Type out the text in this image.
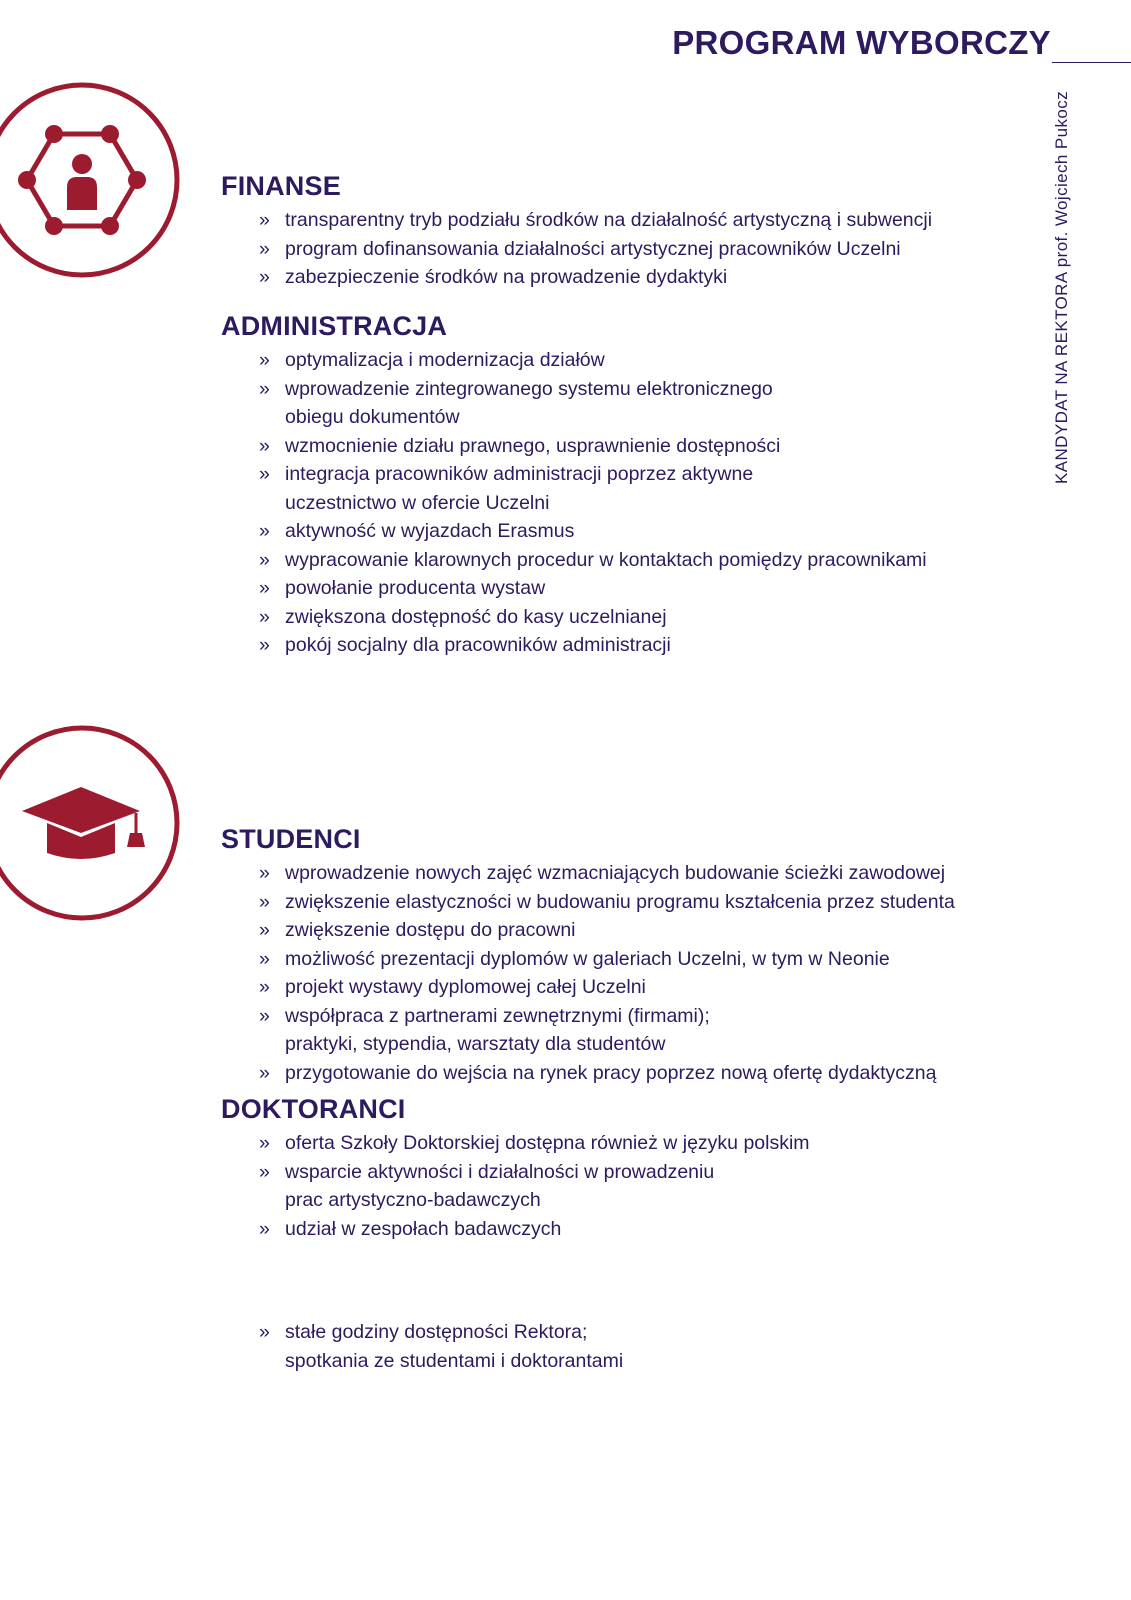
PROGRAM WYBORCZY
KANDYDAT NA REKTORA prof. Wojciech Pukocz
FINANSE
» transparentny tryb podziału środków na działalność artystyczną i subwencji
» program dofinansowania działalności artystycznej pracowników Uczelni
» zabezpieczenie środków na prowadzenie dydaktyki
ADMINISTRACJA
» optymalizacja i modernizacja działów
» wprowadzenie zintegrowanego systemu elektronicznego
obiegu dokumentów
» wzmocnienie działu prawnego, usprawnienie dostępności
» integracja pracowników administracji poprzez aktywne
uczestnictwo w ofercie Uczelni
» aktywność w wyjazdach Erasmus
» wypracowanie klarownych procedur w kontaktach pomiędzy pracownikami
» powołanie producenta wystaw
» zwiększona dostępność do kasy uczelnianej
» pokój socjalny dla pracowników administracji
STUDENCI
» wprowadzenie nowych zajęć wzmacniających budowanie ścieżki zawodowej
» zwiększenie elastyczności w budowaniu programu kształcenia przez studenta
» zwiększenie dostępu do pracowni
» możliwość prezentacji dyplomów w galeriach Uczelni, w tym w Neonie
» projekt wystawy dyplomowej całej Uczelni
» współpraca z partnerami zewnętrznymi (firmami);
praktyki, stypendia, warsztaty dla studentów
» przygotowanie do wejścia na rynek pracy poprzez nową ofertę dydaktyczną
DOKTORANCI
» oferta Szkoły Doktorskiej dostępna również w języku polskim
» wsparcie aktywności i działalności w prowadzeniu
prac artystyczno-badawczych
» udział w zespołach badawczych
» stałe godziny dostępności Rektora;
spotkania ze studentami i doktorantami
